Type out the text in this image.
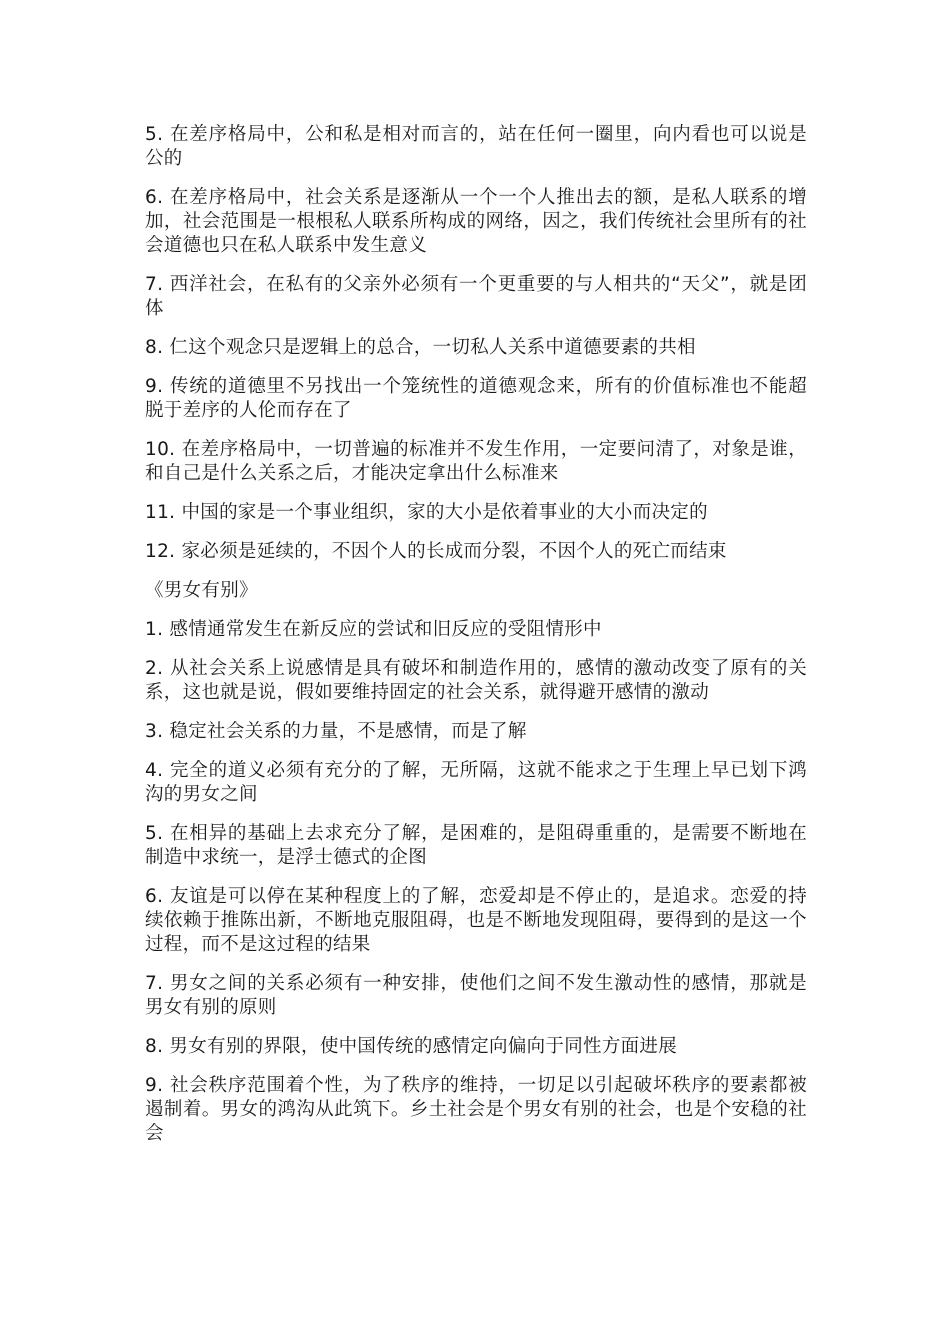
5. 在差序格局中，公和私是相对而言的，站在任何一圈里，向内看也可以说是公的

6. 在差序格局中，社会关系是逐渐从一个一个人推出去的额，是私人联系的增加，社会范围是一根根私人联系所构成的网络，因之，我们传统社会里所有的社会道德也只在私人联系中发生意义

7. 西洋社会，在私有的父亲外必须有一个更重要的与人相共的“天父”，就是团体

8. 仁这个观念只是逻辑上的总合，一切私人关系中道德要素的共相

9. 传统的道德里不另找出一个笼统性的道德观念来，所有的价值标准也不能超脱于差序的人伦而存在了

10. 在差序格局中，一切普遍的标准并不发生作用，一定要问清了，对象是谁，和自己是什么关系之后，才能决定拿出什么标准来

11. 中国的家是一个事业组织，家的大小是依着事业的大小而决定的

12. 家必须是延续的，不因个人的长成而分裂，不因个人的死亡而结束

《男女有别》

1. 感情通常发生在新反应的尝试和旧反应的受阻情形中

2. 从社会关系上说感情是具有破坏和制造作用的，感情的激动改变了原有的关系，这也就是说，假如要维持固定的社会关系，就得避开感情的激动

3. 稳定社会关系的力量，不是感情，而是了解

4. 完全的道义必须有充分的了解，无所隔，这就不能求之于生理上早已划下鸿沟的男女之间

5. 在相异的基础上去求充分了解，是困难的，是阻碍重重的，是需要不断地在制造中求统一，是浮士德式的企图

6. 友谊是可以停在某种程度上的了解，恋爱却是不停止的，是追求。恋爱的持续依赖于推陈出新，不断地克服阻碍，也是不断地发现阻碍，要得到的是这一个过程，而不是这过程的结果

7. 男女之间的关系必须有一种安排，使他们之间不发生激动性的感情，那就是男女有别的原则

8. 男女有别的界限，使中国传统的感情定向偏向于同性方面进展

9. 社会秩序范围着个性，为了秩序的维持，一切足以引起破坏秩序的要素都被遏制着。男女的鸿沟从此筑下。乡土社会是个男女有别的社会，也是个安稳的社会
